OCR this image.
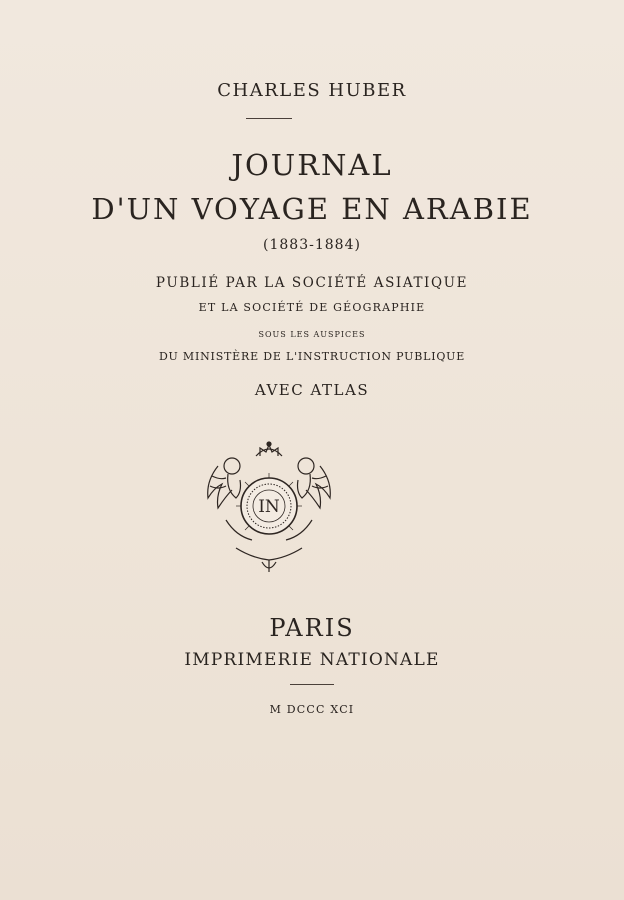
CHARLES HUBER
JOURNAL
D'UN VOYAGE EN ARABIE
(1883-1884)
PUBLIÉ PAR LA SOCIÉTÉ ASIATIQUE
ET LA SOCIÉTÉ DE GÉOGRAPHIE
SOUS LES AUSPICES
DU MINISTÈRE DE L'INSTRUCTION PUBLIQUE
AVEC ATLAS
IN
PARIS
IMPRIMERIE NATIONALE
M DCCC XCI
